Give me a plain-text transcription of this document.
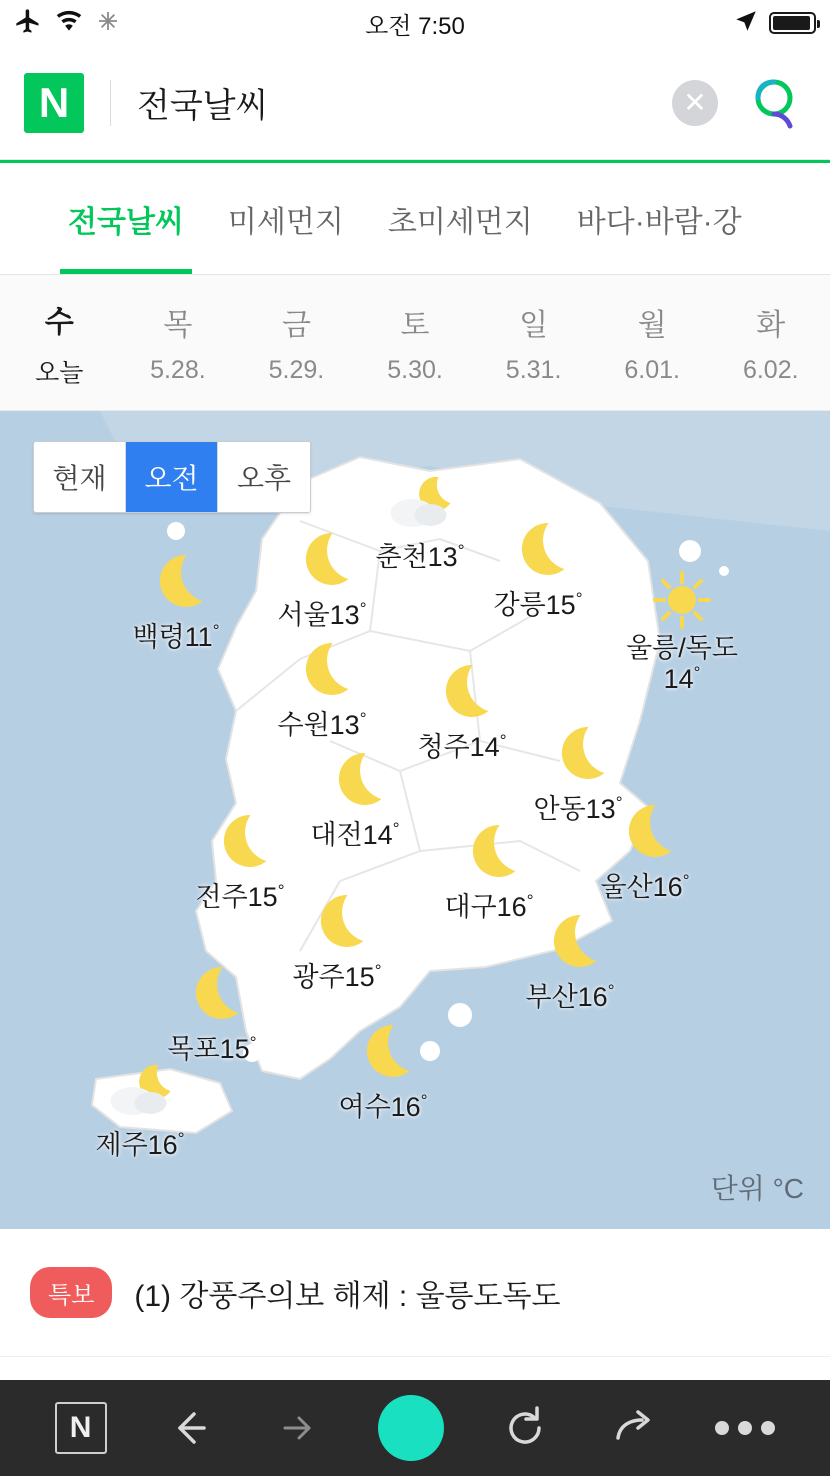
오전 7:50
N	전국날씨	✕
전국날씨	미세먼지	초미세먼지	바다·바람·강
수
오늘
목
5.28.
금
5.29.
토
5.30.
일
5.31.
월
6.01.
화
6.02.
현재	오전	오후
춘천13°
백령11°
서울13°	강릉15°
울릉/독도14°
수원13°
청주14°
안동13°
대전14°
대구16° 울산16°
전주15°
광주15°
부산16°
목포15°
여수16°
제주16°
단위 °C
특보	(1) 강풍주의보 해제 : 울릉도독도
N
